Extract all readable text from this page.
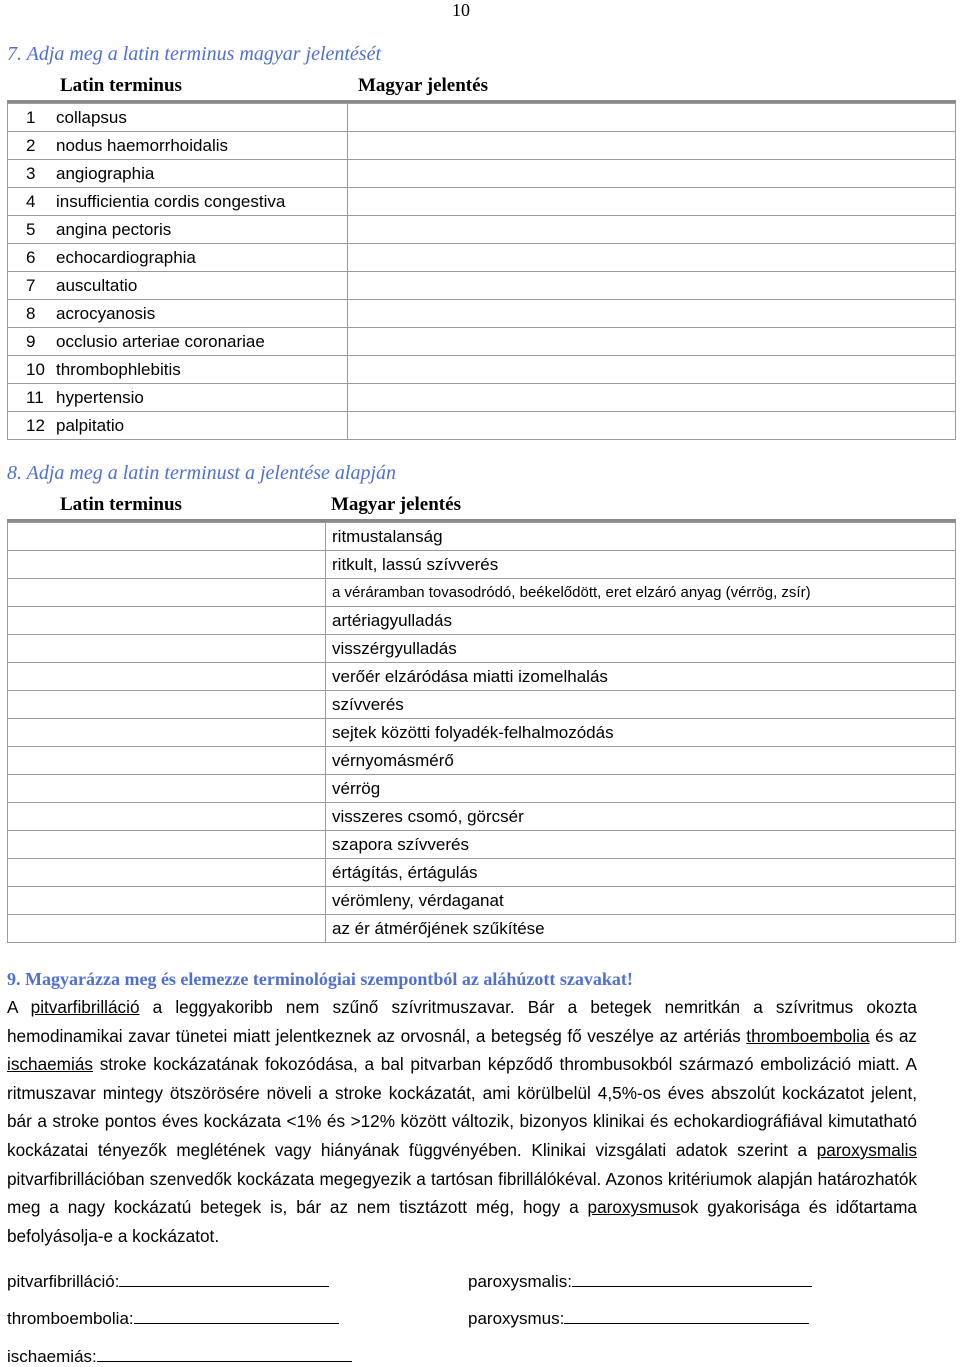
10
7. Adja meg a latin terminus magyar jelentését
Latin terminus	Magyar jelentés
1 collapsus	
2 nodus haemorrhoidalis	
3 angiographia	
4 insufficientia cordis congestiva	
5 angina pectoris	
6 echocardiographia	
7 auscultatio	
8 acrocyanosis	
9 occlusio arteriae coronariae	
10 thrombophlebitis	
11 hypertensio	
12 palpitatio	
8. Adja meg a latin terminust a jelentése alapján
Latin terminus	Magyar jelentés
	ritmustalanság
	ritkult, lassú szívverés
	a véráramban tovasodródó, beékelődött, eret elzáró anyag (vérrög, zsír)
	artériagyulladás
	visszérgyulladás
	verőér elzáródása miatti izomelhalás
	szívverés
	sejtek közötti folyadék-felhalmozódás
	vérnyomásmérő
	vérrög
	visszeres csomó, görcsér
	szapora szívverés
	értágítás, értágulás
	vérömleny, vérdaganat
	az ér átmérőjének szűkítése
9. Magyarázza meg és elemezze terminológiai szempontból az aláhúzott szavakat!
A pitvarfibrilláció a leggyakoribb nem szűnő szívritmuszavar. Bár a betegek nemritkán a szívritmus okozta hemodinamikai zavar tünetei miatt jelentkeznek az orvosnál, a betegség fő veszélye az artériás thromboembolia és az ischaemiás stroke kockázatának fokozódása, a bal pitvarban képződő thrombusokból származó embolizáció miatt. A ritmuszavar mintegy ötszörösére növeli a stroke kockázatát, ami körülbelül 4,5%-os éves abszolút kockázatot jelent, bár a stroke pontos éves kockázata <1% és >12% között változik, bizonyos klinikai és echokardiográfiával kimutatható kockázatai tényezők meglétének vagy hiányának függvényében. Klinikai vizsgálati adatok szerint a paroxysmalis pitvarfibrillációban szenvedők kockázata megegyezik a tartósan fibrillálókéval. Azonos kritériumok alapján határozhatók meg a nagy kockázatú betegek is, bár az nem tisztázott még, hogy a paroxysmusok gyakorisága és időtartama befolyásolja-e a kockázatot.
pitvarfibrilláció:	paroxysmalis:
thromboembolia:	paroxysmus:
ischaemiás:
